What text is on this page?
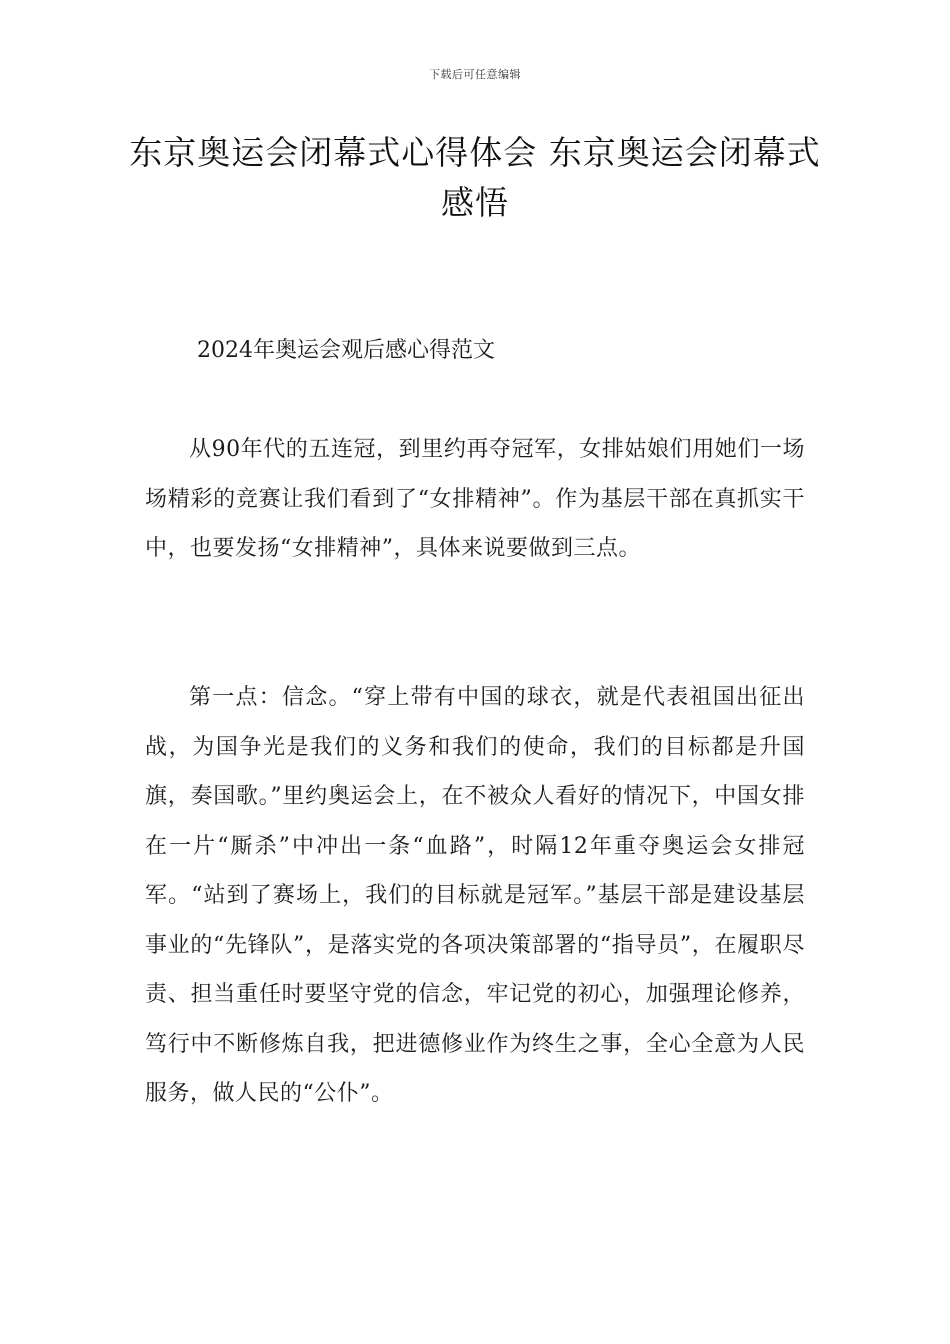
下载后可任意编辑
东京奥运会闭幕式心得体会 东京奥运会闭幕式感悟
2024年奥运会观后感心得范文
从90年代的五连冠，到里约再夺冠军，女排姑娘们用她们一场场精彩的竞赛让我们看到了“女排精神”。作为基层干部在真抓实干中，也要发扬“女排精神”，具体来说要做到三点。
第一点：信念。“穿上带有中国的球衣，就是代表祖国出征出战，为国争光是我们的义务和我们的使命，我们的目标都是升国旗，奏国歌。”里约奥运会上，在不被众人看好的情况下，中国女排在一片“厮杀”中冲出一条“血路”，时隔12年重夺奥运会女排冠军。“站到了赛场上，我们的目标就是冠军。”基层干部是建设基层事业的“先锋队”，是落实党的各项决策部署的“指导员”，在履职尽责、担当重任时要坚守党的信念，牢记党的初心，加强理论修养，笃行中不断修炼自我，把进德修业作为终生之事，全心全意为人民服务，做人民的“公仆”。
